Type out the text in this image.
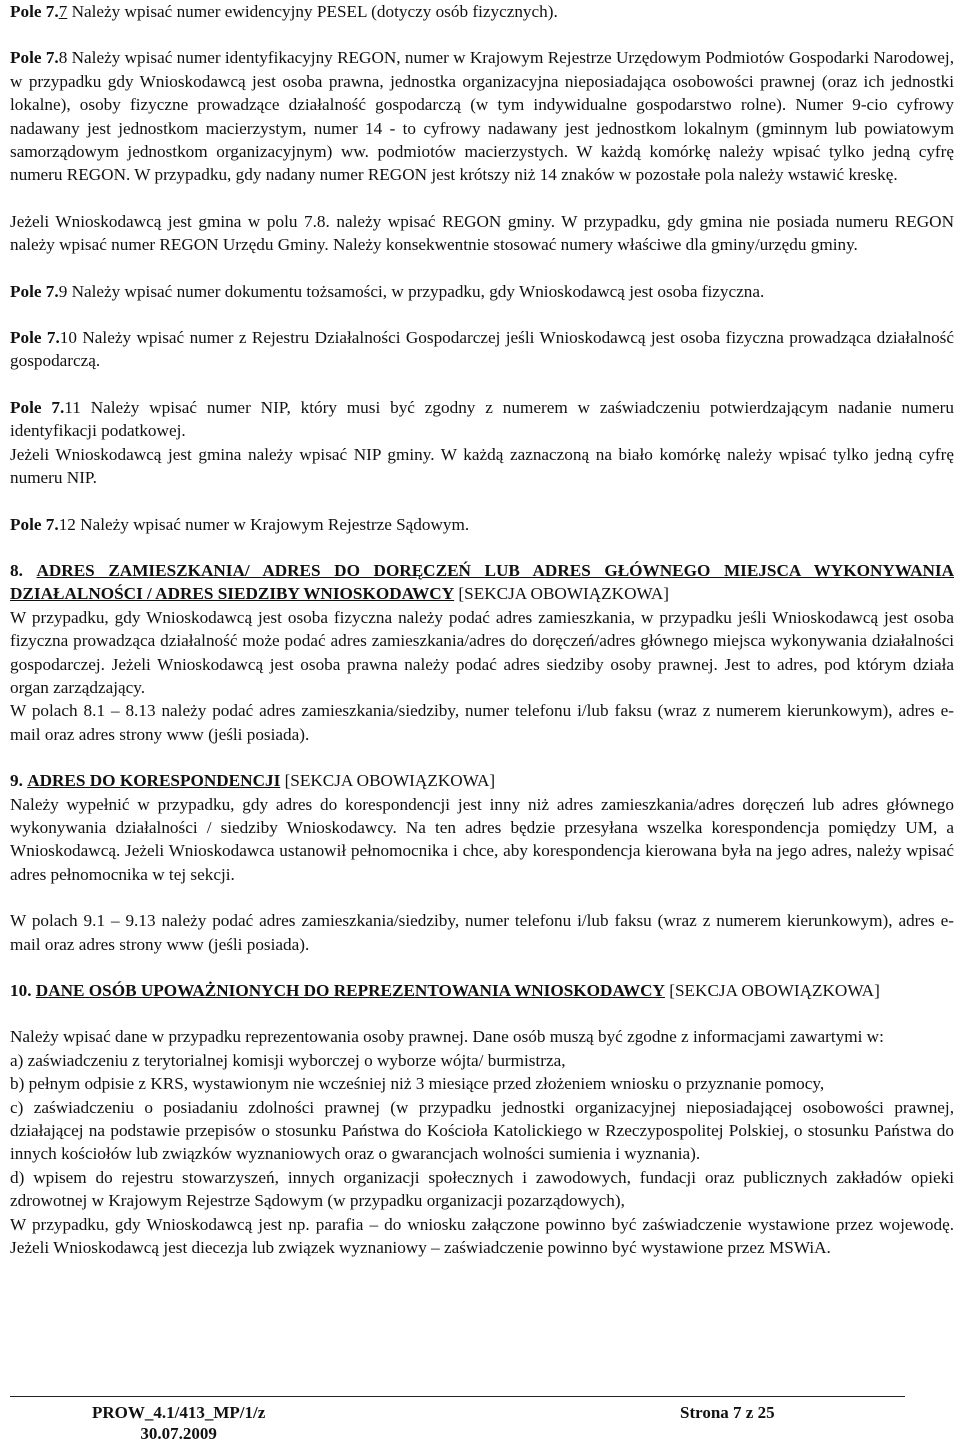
Pole 7.7 Należy wpisać numer ewidencyjny PESEL (dotyczy osób fizycznych).

Pole 7.8 Należy wpisać numer identyfikacyjny REGON, numer w Krajowym Rejestrze Urzędowym Podmiotów Gospodarki Narodowej, w przypadku gdy Wnioskodawcą jest osoba prawna, jednostka organizacyjna nieposiadająca osobowości prawnej (oraz ich jednostki lokalne), osoby fizyczne prowadzące działalność gospodarczą (w tym indywidualne gospodarstwo rolne). Numer 9-cio cyfrowy nadawany jest jednostkom macierzystym, numer 14 - to cyfrowy nadawany jest jednostkom lokalnym (gminnym lub powiatowym samorządowym jednostkom organizacyjnym) ww. podmiotów macierzystych. W każdą komórkę należy wpisać tylko jedną cyfrę numeru REGON. W przypadku, gdy nadany numer REGON jest krótszy niż 14 znaków w pozostałe pola należy wstawić kreskę.

Jeżeli Wnioskodawcą jest gmina w polu 7.8. należy wpisać REGON gminy. W przypadku, gdy gmina nie posiada numeru REGON należy wpisać numer REGON Urzędu Gminy. Należy konsekwentnie stosować numery właściwe dla gminy/urzędu gminy.

Pole 7.9 Należy wpisać numer dokumentu tożsamości, w przypadku, gdy Wnioskodawcą jest osoba fizyczna.

Pole 7.10 Należy wpisać numer z Rejestru Działalności Gospodarczej jeśli Wnioskodawcą jest osoba fizyczna prowadząca działalność gospodarczą.

Pole 7.11 Należy wpisać numer NIP, który musi być zgodny z numerem w zaświadczeniu potwierdzającym nadanie numeru identyfikacji podatkowej.

Jeżeli Wnioskodawcą jest gmina należy wpisać NIP gminy. W każdą zaznaczoną na biało komórkę należy wpisać tylko jedną cyfrę numeru NIP.

Pole 7.12 Należy wpisać numer w Krajowym Rejestrze Sądowym.

8. ADRES ZAMIESZKANIA/ ADRES DO DORĘCZEŃ LUB ADRES GŁÓWNEGO MIEJSCA WYKONYWANIA DZIAŁALNOŚCI / ADRES SIEDZIBY WNIOSKODAWCY [SEKCJA OBOWIĄZKOWA]

W przypadku, gdy Wnioskodawcą jest osoba fizyczna należy podać adres zamieszkania, w przypadku jeśli Wnioskodawcą jest osoba fizyczna prowadząca działalność może podać adres zamieszkania/adres do doręczeń/adres głównego miejsca wykonywania działalności gospodarczej. Jeżeli Wnioskodawcą jest osoba prawna należy podać adres siedziby osoby prawnej. Jest to adres, pod którym działa organ zarządzający.

W polach 8.1 – 8.13 należy podać adres zamieszkania/siedziby, numer telefonu i/lub faksu (wraz z numerem kierunkowym), adres e-mail oraz adres strony www (jeśli posiada).

9. ADRES DO KORESPONDENCJI [SEKCJA OBOWIĄZKOWA]

Należy wypełnić w przypadku, gdy adres do korespondencji jest inny niż adres zamieszkania/adres doręczeń lub adres głównego wykonywania działalności / siedziby Wnioskodawcy. Na ten adres będzie przesyłana wszelka korespondencja pomiędzy UM, a Wnioskodawcą. Jeżeli Wnioskodawca ustanowił pełnomocnika i chce, aby korespondencja kierowana była na jego adres, należy wpisać adres pełnomocnika w tej sekcji.

W polach 9.1 – 9.13 należy podać adres zamieszkania/siedziby, numer telefonu i/lub faksu (wraz z numerem kierunkowym), adres e-mail oraz adres strony www (jeśli posiada).

10. DANE OSÓB UPOWAŻNIONYCH DO REPREZENTOWANIA WNIOSKODAWCY [SEKCJA OBOWIĄZKOWA]

Należy wpisać dane w przypadku reprezentowania osoby prawnej. Dane osób muszą być zgodne z informacjami zawartymi w:

a) zaświadczeniu z terytorialnej komisji wyborczej o wyborze wójta/ burmistrza,

b) pełnym odpisie z KRS, wystawionym nie wcześniej niż 3 miesiące przed złożeniem wniosku o przyznanie pomocy,

c) zaświadczeniu o posiadaniu zdolności prawnej (w przypadku jednostki organizacyjnej nieposiadającej osobowości prawnej, działającej na podstawie przepisów o stosunku Państwa do Kościoła Katolickiego w Rzeczypospolitej Polskiej, o stosunku Państwa do innych kościołów lub związków wyznaniowych oraz o gwarancjach wolności sumienia i wyznania).

d) wpisem do rejestru stowarzyszeń, innych organizacji społecznych i zawodowych, fundacji oraz publicznych zakładów opieki zdrowotnej w Krajowym Rejestrze Sądowym (w przypadku organizacji pozarządowych),

W przypadku, gdy Wnioskodawcą jest np. parafia – do wniosku załączone powinno być zaświadczenie wystawione przez wojewodę. Jeżeli Wnioskodawcą jest diecezja lub związek wyznaniowy – zaświadczenie powinno być wystawione przez MSWiA.

PROW_4.1/413_MP/1/z
30.07.2009
Strona 7 z 25
